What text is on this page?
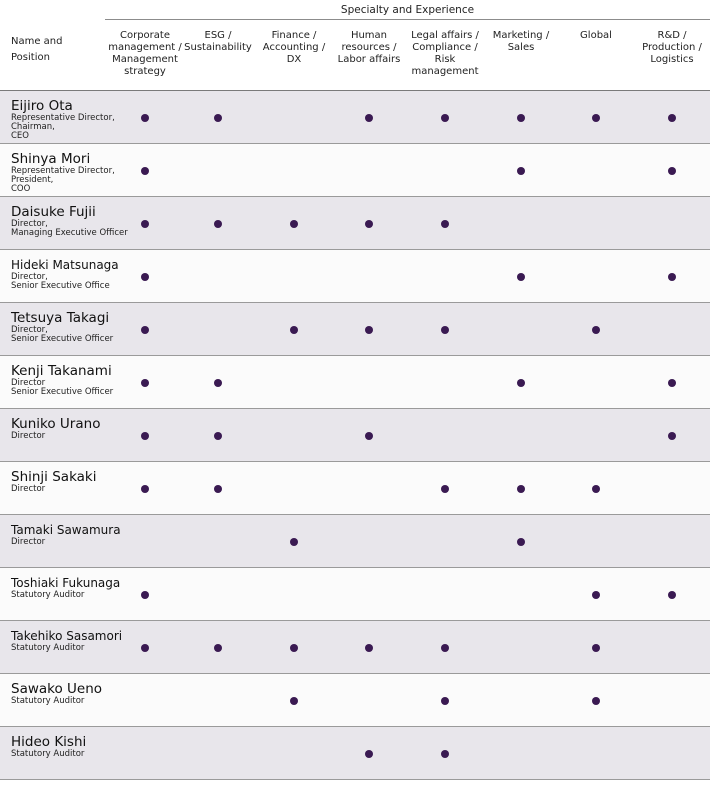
Specialty and Experience
Name and
Position
Corporate
management /
Management
strategy
ESG /
Sustainability
Finance /
Accounting /
DX
Human
resources /
Labor affairs
Legal affairs /
Compliance /
Risk
management
Marketing /
Sales
Global	R&D /
Production /
Logistics
Eijiro Ota
Representative Director,
Chairman,
CEO
Shinya Mori
Representative Director,
President,
COO
Daisuke Fujii
Director,
Managing Executive Officer
Hideki Matsunaga
Director,
Senior Executive Office
Tetsuya Takagi
Director,
Senior Executive Officer
Kenji Takanami
Director
Senior Executive Officer
Kuniko Urano
Director
Shinji Sakaki
Director
Tamaki Sawamura
Director
Toshiaki Fukunaga
Statutory Auditor
Takehiko Sasamori
Statutory Auditor
Sawako Ueno
Statutory Auditor
Hideo Kishi
Statutory Auditor
